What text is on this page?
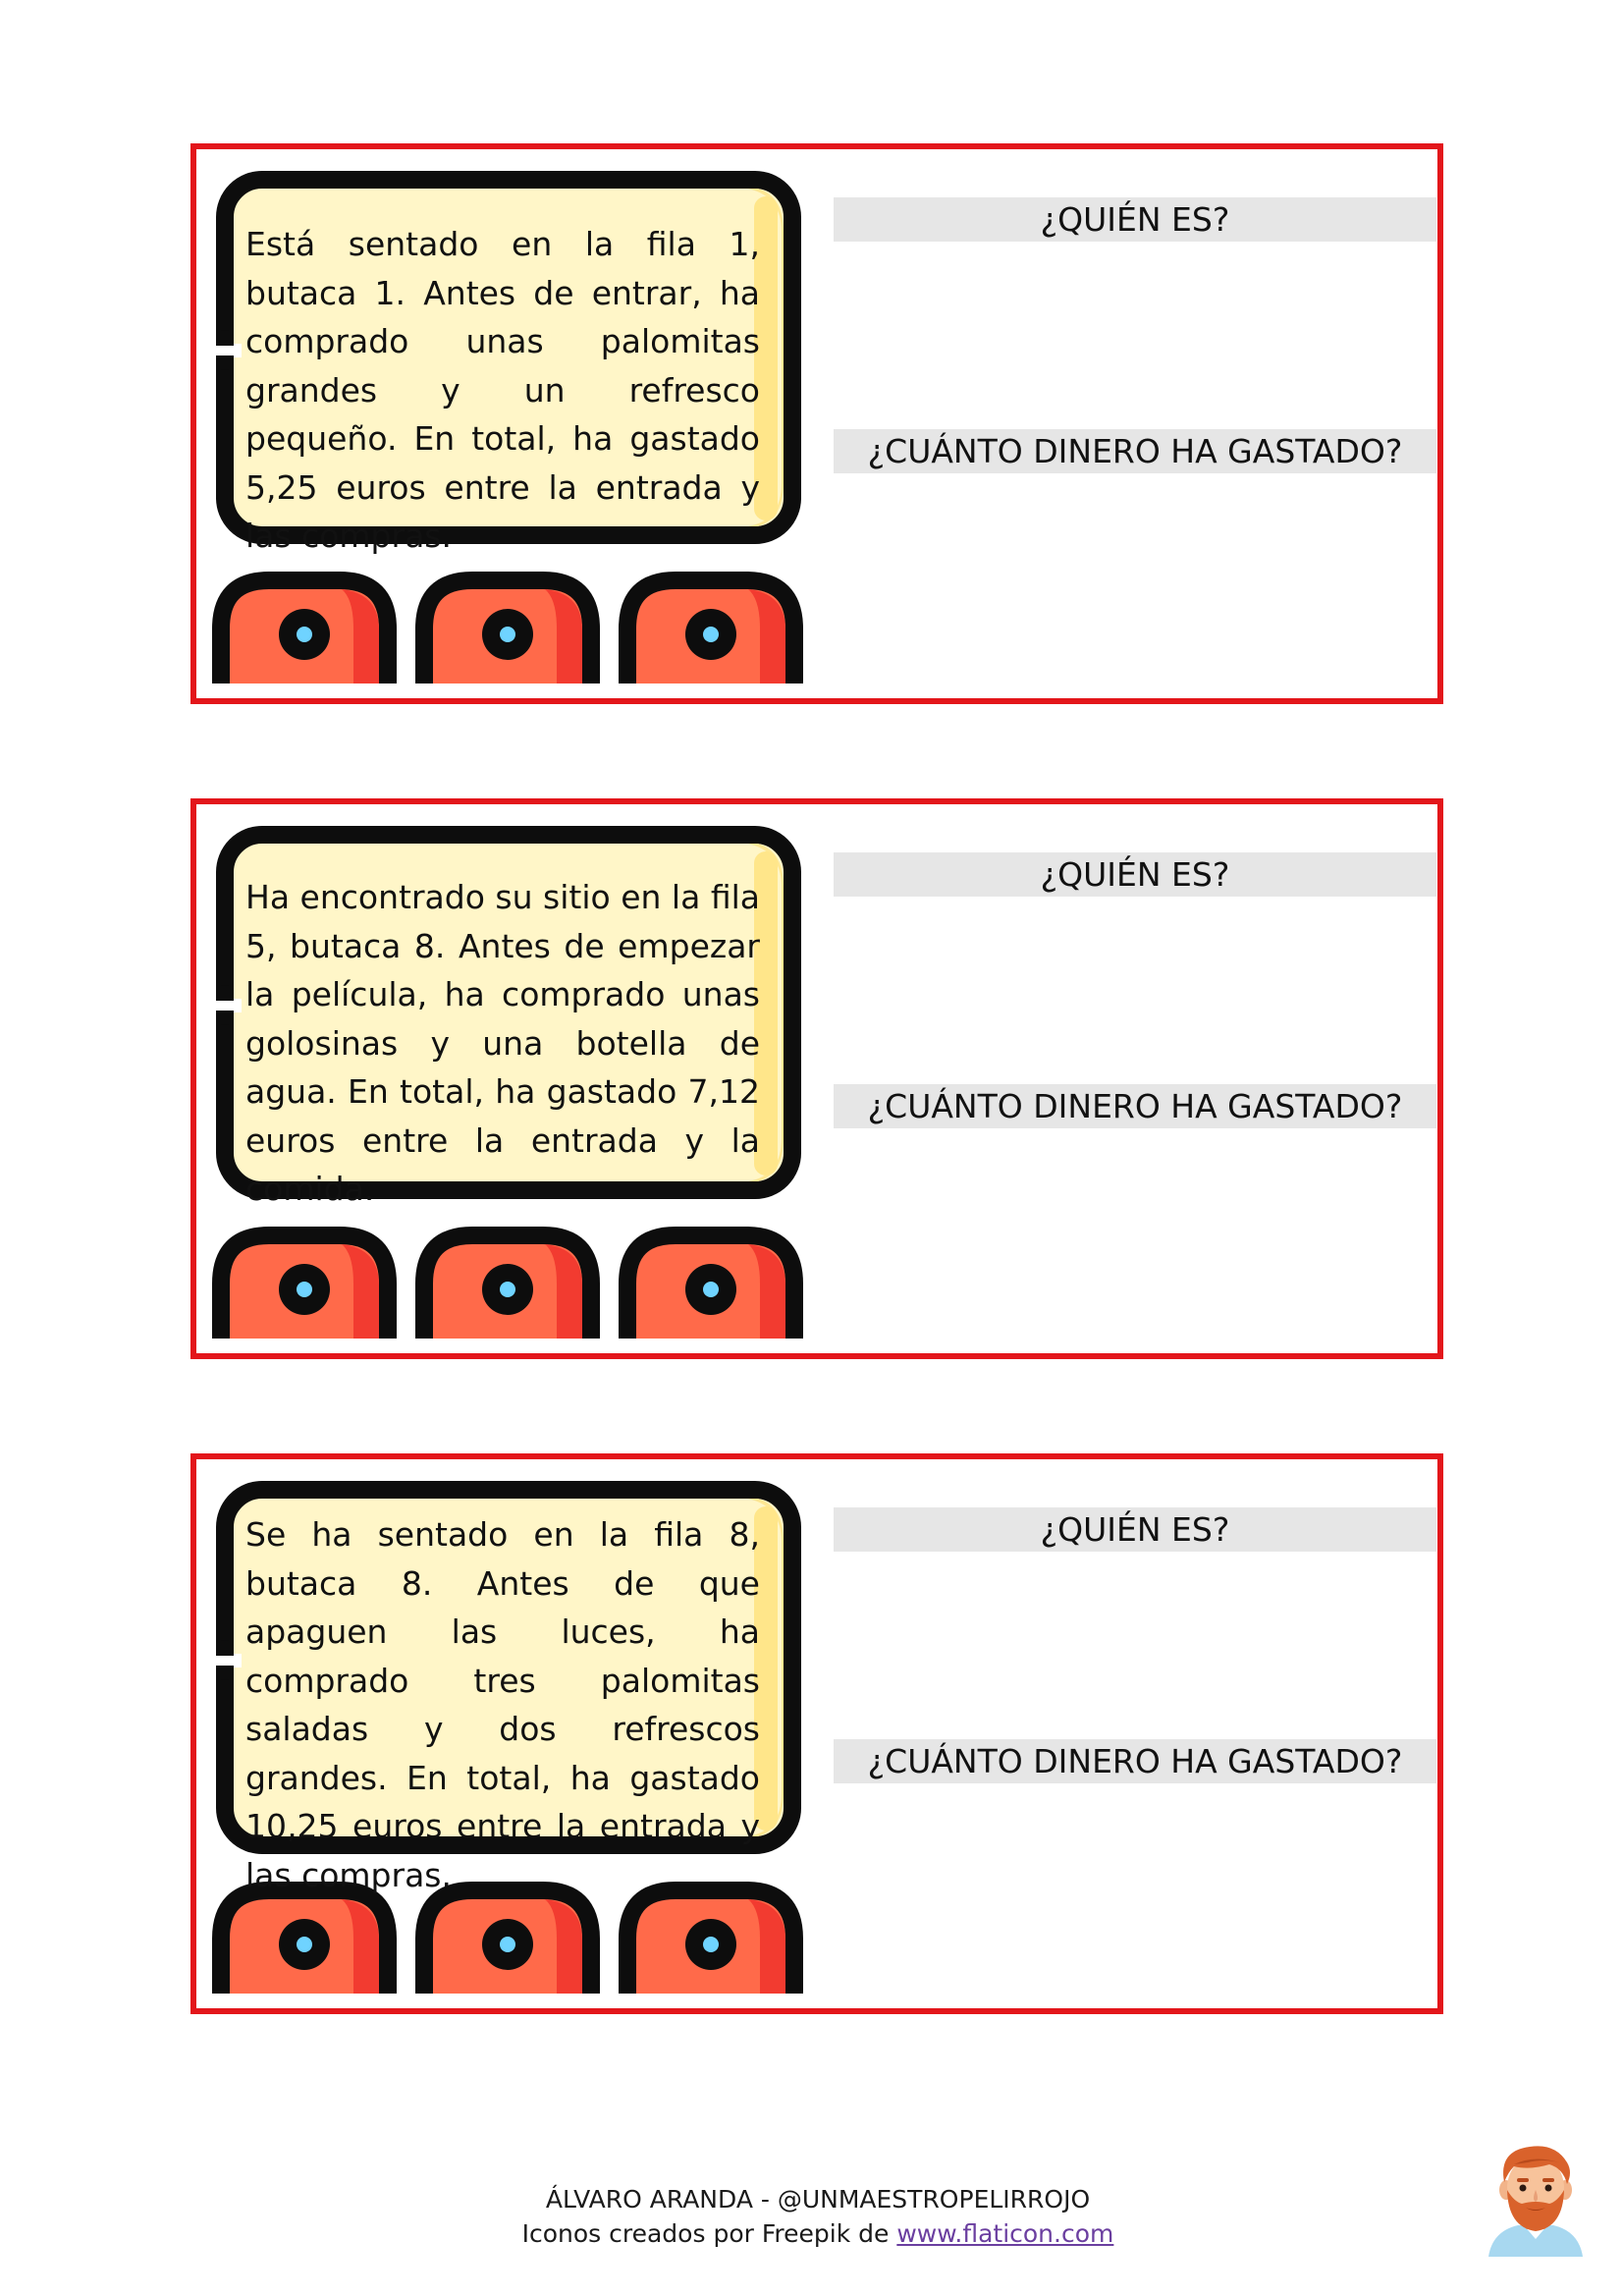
Está sentado en la fila 1, butaca 1. Antes de entrar, ha comprado unas palomitas grandes y un refresco pequeño. En total, ha gastado 5,25 euros entre la entrada y las compras.

¿QUIÉN ES?
¿CUÁNTO DINERO HA GASTADO?

Ha encontrado su sitio en la fila 5, butaca 8. Antes de empezar la película, ha comprado unas golosinas y una botella de agua. En total, ha gastado 7,12 euros entre la entrada y la comida.

¿QUIÉN ES?
¿CUÁNTO DINERO HA GASTADO?

Se ha sentado en la fila 8, butaca 8. Antes de que apaguen las luces, ha comprado tres palomitas saladas y dos refrescos grandes. En total, ha gastado 10,25 euros entre la entrada y las compras.

¿QUIÉN ES?
¿CUÁNTO DINERO HA GASTADO?

ÁLVARO ARANDA - @UNMAESTROPELIRROJO

Iconos creados por Freepik de www.flaticon.com
